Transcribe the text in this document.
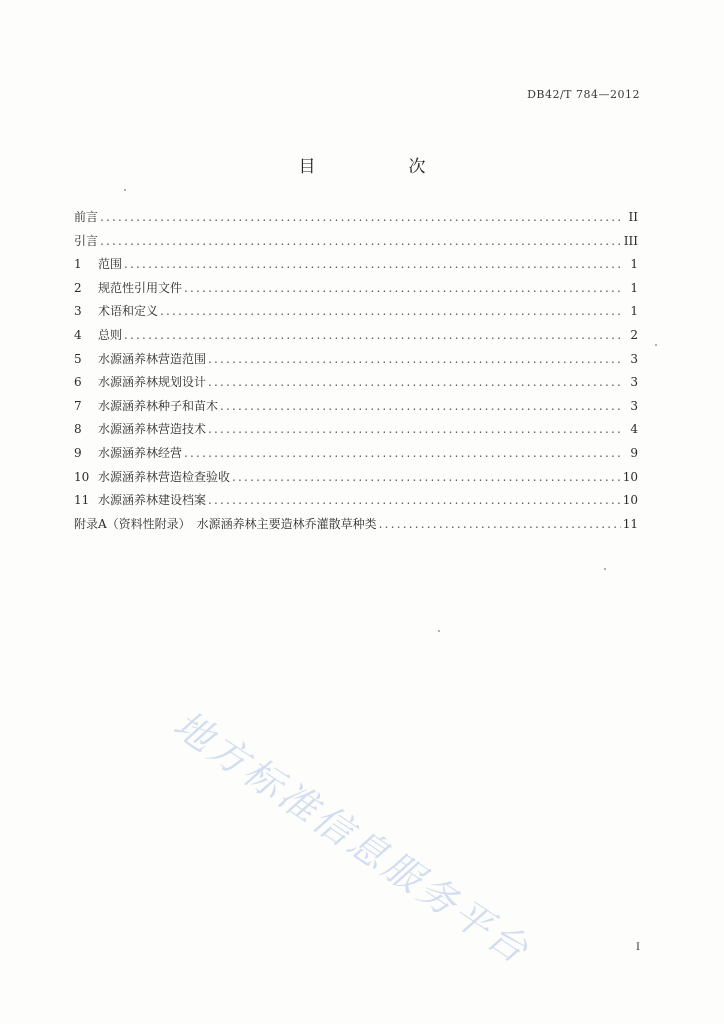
DB42/T 784—2012
目　次
前言 .....	II
引言 .....	III
1	范围 .....	1
2	规范性引用文件 .....	1
3	术语和定义 .....	1
4	总则 .....	2
5	水源涵养林营造范围 .....	3
6	水源涵养林规划设计 .....	3
7	水源涵养林种子和苗木 .....	3
8	水源涵养林营造技术 .....	4
9	水源涵养林经营 .....	9
10 水源涵养林营造检查验收 .....	10
11 水源涵养林建设档案 .....	10
附录A（资料性附录）　水源涵养林主要造林乔灌散草种类 .....	11
地方标准信息服务平台	I
